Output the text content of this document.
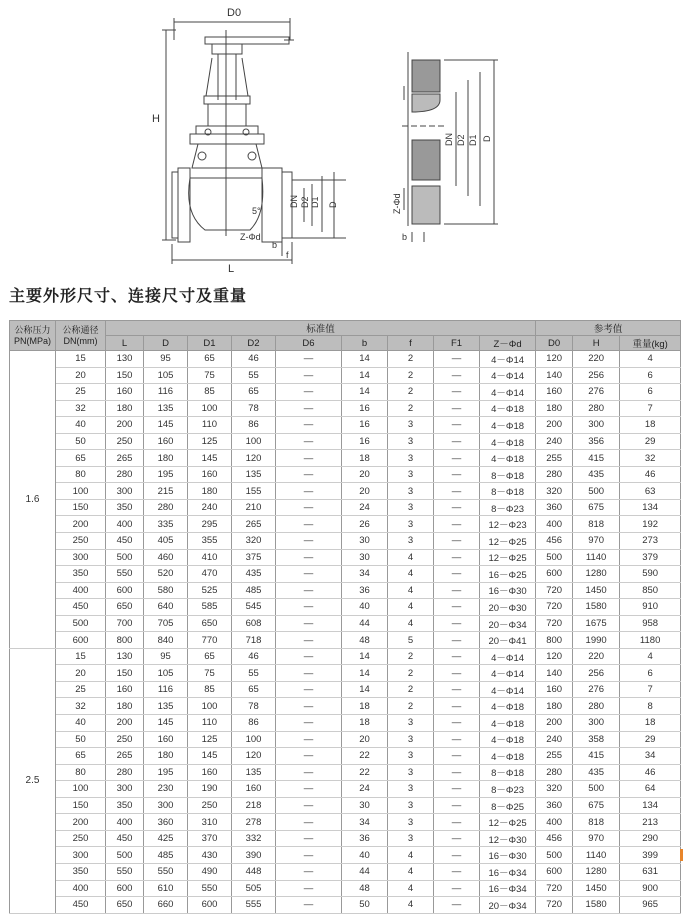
D0
H
L
DN D2 D1 D
b
f
5°
Z-Φd
DN D2 D1 D
Z-Φd
b
主要外形尺寸、连接尺寸及重量
公称压力PN(MPa)	公称通径DN(mm)	标准值									参考值		
		L	D	D1	D2	D6	b	f	F1	Z－Φd	D0	H	重量(kg)
1.6	15	130	95	65	46	—	14	2	—	4－Φ14	120	220	4
	20	150	105	75	55	—	14	2	—	4－Φ14	140	256	6
	25	160	116	85	65	—	14	2	—	4－Φ14	160	276	6
	32	180	135	100	78	—	16	2	—	4－Φ18	180	280	7
	40	200	145	110	86	—	16	3	—	4－Φ18	200	300	18
	50	250	160	125	100	—	16	3	—	4－Φ18	240	356	29
	65	265	180	145	120	—	18	3	—	4－Φ18	255	415	32
	80	280	195	160	135	—	20	3	—	8－Φ18	280	435	46
	100	300	215	180	155	—	20	3	—	8－Φ18	320	500	63
	150	350	280	240	210	—	24	3	—	8－Φ23	360	675	134
	200	400	335	295	265	—	26	3	—	12－Φ23	400	818	192
	250	450	405	355	320	—	30	3	—	12－Φ25	456	970	273
	300	500	460	410	375	—	30	4	—	12－Φ25	500	1140	379
	350	550	520	470	435	—	34	4	—	16－Φ25	600	1280	590
	400	600	580	525	485	—	36	4	—	16－Φ30	720	1450	850
	450	650	640	585	545	—	40	4	—	20－Φ30	720	1580	910
	500	700	705	650	608	—	44	4	—	20－Φ34	720	1675	958
	600	800	840	770	718	—	48	5	—	20－Φ41	800	1990	1180
2.5	15	130	95	65	46	—	14	2	—	4－Φ14	120	220	4
	20	150	105	75	55	—	14	2	—	4－Φ14	140	256	6
	25	160	116	85	65	—	14	2	—	4－Φ14	160	276	7
	32	180	135	100	78	—	18	2	—	4－Φ18	180	280	8
	40	200	145	110	86	—	18	3	—	4－Φ18	200	300	18
	50	250	160	125	100	—	20	3	—	4－Φ18	240	358	29
	65	265	180	145	120	—	22	3	—	4－Φ18	255	415	34
	80	280	195	160	135	—	22	3	—	8－Φ18	280	435	46
	100	300	230	190	160	—	24	3	—	8－Φ23	320	500	64
	150	350	300	250	218	—	30	3	—	8－Φ25	360	675	134
	200	400	360	310	278	—	34	3	—	12－Φ25	400	818	213
	250	450	425	370	332	—	36	3	—	12－Φ30	456	970	290
	300	500	485	430	390	—	40	4	—	16－Φ30	500	1140	399
	350	550	550	490	448	—	44	4	—	16－Φ34	600	1280	631
	400	600	610	550	505	—	48	4	—	16－Φ34	720	1450	900
	450	650	660	600	555	—	50	4	—	20－Φ34	720	1580	965
